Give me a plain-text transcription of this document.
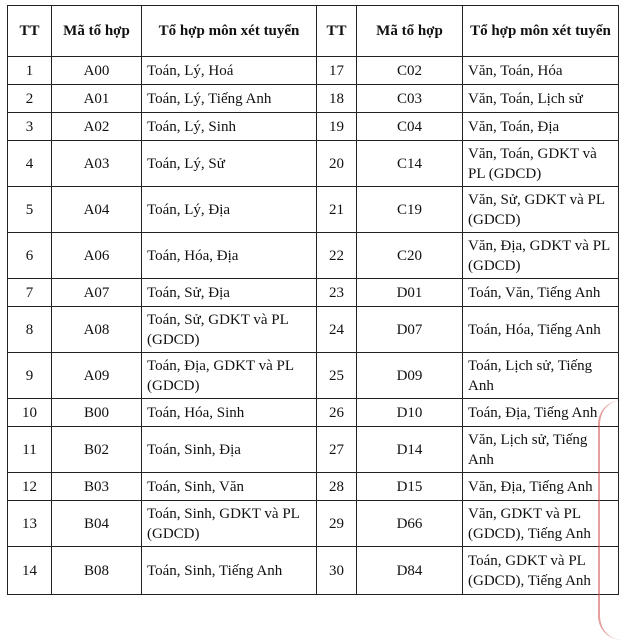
TT	Mã tổ hợp	Tổ hợp môn xét tuyển	TT	Mã tổ hợp	Tổ hợp môn xét tuyển
1	A00	Toán, Lý, Hoá	17	C02	Văn, Toán, Hóa
2	A01	Toán, Lý, Tiếng Anh	18	C03	Văn, Toán, Lịch sử
3	A02	Toán, Lý, Sinh	19	C04	Văn, Toán, Địa
4	A03	Toán, Lý, Sử	20	C14	Văn, Toán, GDKT và PL (GDCD)
5	A04	Toán, Lý, Địa	21	C19	Văn, Sử, GDKT và PL (GDCD)
6	A06	Toán, Hóa, Địa	22	C20	Văn, Địa, GDKT và PL (GDCD)
7	A07	Toán, Sử, Địa	23	D01	Toán, Văn, Tiếng Anh
8	A08	Toán, Sử, GDKT và PL (GDCD)	24	D07	Toán, Hóa, Tiếng Anh
9	A09	Toán, Địa, GDKT và PL (GDCD)	25	D09	Toán, Lịch sử, Tiếng Anh
10	B00	Toán, Hóa, Sinh	26	D10	Toán, Địa, Tiếng Anh
11	B02	Toán, Sinh, Địa	27	D14	Văn, Lịch sử, Tiếng Anh
12	B03	Toán, Sinh, Văn	28	D15	Văn, Địa, Tiếng Anh
13	B04	Toán, Sinh, GDKT và PL (GDCD)	29	D66	Văn, GDKT và PL (GDCD), Tiếng Anh
14	B08	Toán, Sinh, Tiếng Anh	30	D84	Toán, GDKT và PL (GDCD), Tiếng Anh
